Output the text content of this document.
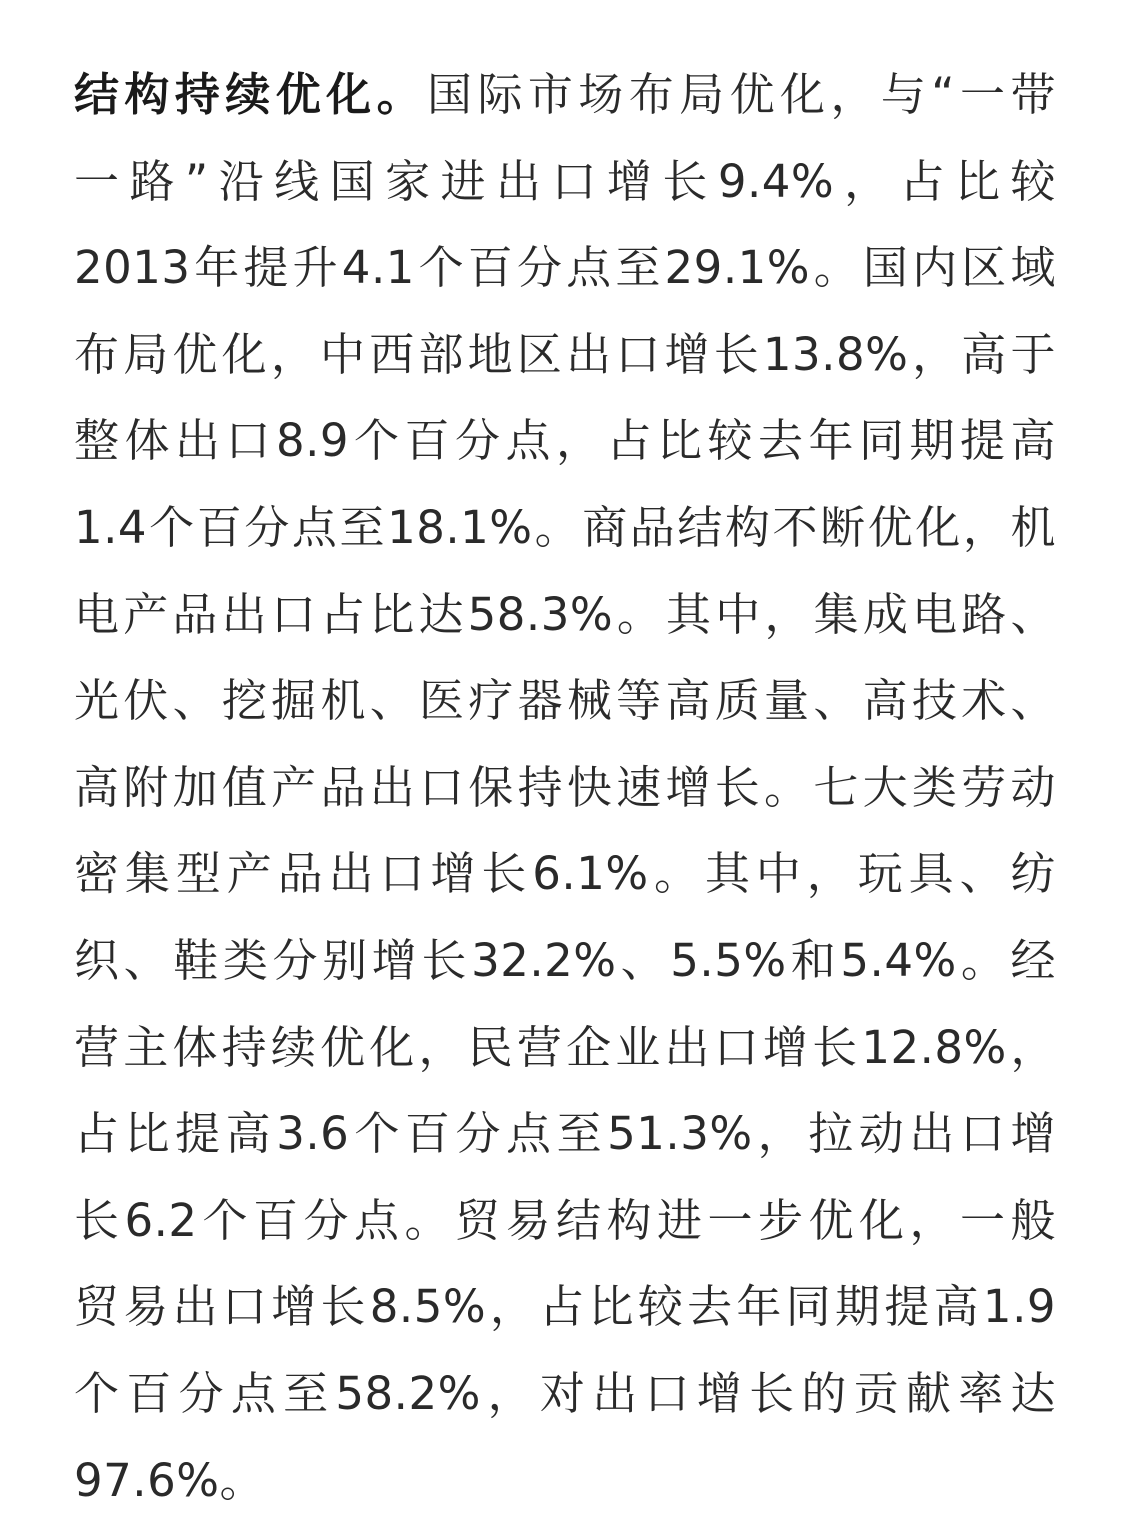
结构持续优化。国际市场布局优化，与“一带
一路”沿线国家进出口增长9.4%，占比较
2013年提升4.1个百分点至29.1%。国内区域
布局优化，中西部地区出口增长13.8%，高于
整体出口8.9个百分点，占比较去年同期提高
1.4个百分点至18.1%。商品结构不断优化，机
电产品出口占比达58.3%。其中，集成电路、
光伏、挖掘机、医疗器械等高质量、高技术、
高附加值产品出口保持快速增长。七大类劳动
密集型产品出口增长6.1%。其中，玩具、纺
织、鞋类分别增长32.2%、5.5%和5.4%。经
营主体持续优化，民营企业出口增长12.8%，
占比提高3.6个百分点至51.3%，拉动出口增
长6.2个百分点。贸易结构进一步优化，一般
贸易出口增长8.5%，占比较去年同期提高1.9
个百分点至58.2%，对出口增长的贡献率达
97.6%。
